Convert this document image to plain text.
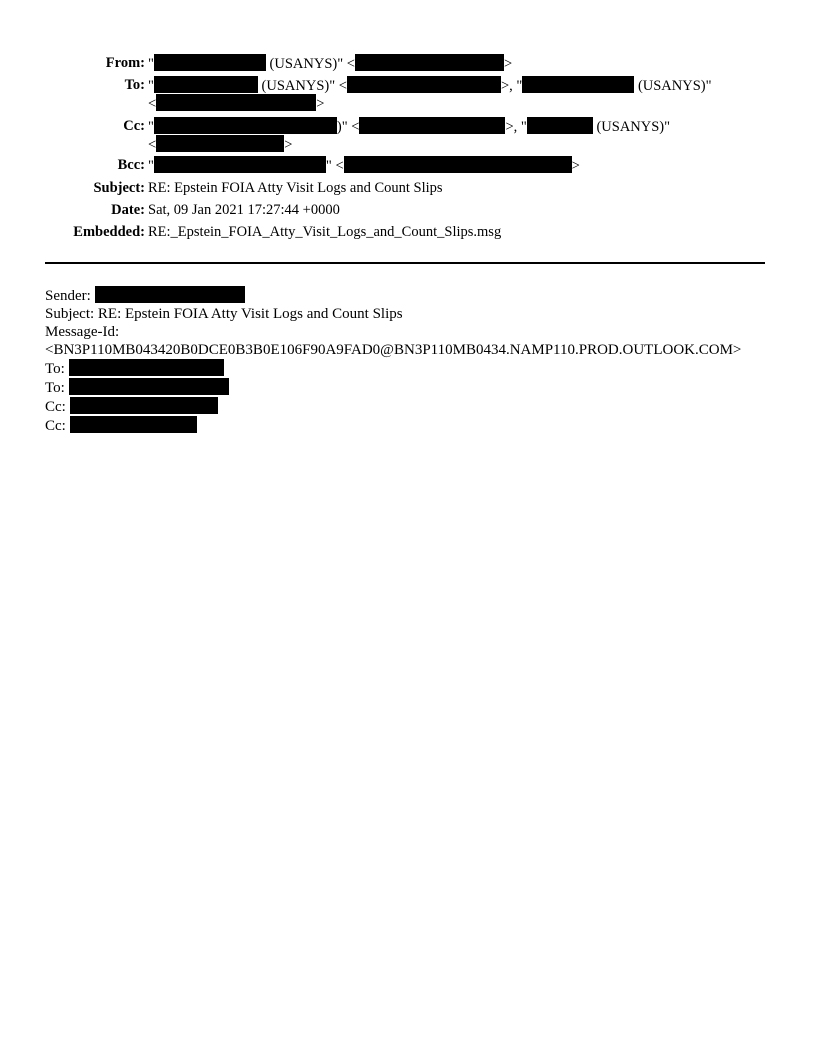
From: "	(USANYS)" <	>
To: "	(USANYS)" <	>, "	(USANYS)"
<	>
Cc: "	)" <	>, "	(USANYS)"
<	>
Bcc: "	" <	>
Subject: RE: Epstein FOIA Atty Visit Logs and Count Slips
Date: Sat, 09 Jan 2021 17:27:44 +0000
Embedded: RE:_Epstein_FOIA_Atty_Visit_Logs_and_Count_Slips.msg
Sender:
Subject: RE: Epstein FOIA Atty Visit Logs and Count Slips
Message-Id:
<BN3P110MB043420B0DCE0B3B0E106F90A9FAD0@BN3P110MB0434.NAMP110.PROD.OUTLOOK.COM>
To:
To:
Cc:
Cc:
